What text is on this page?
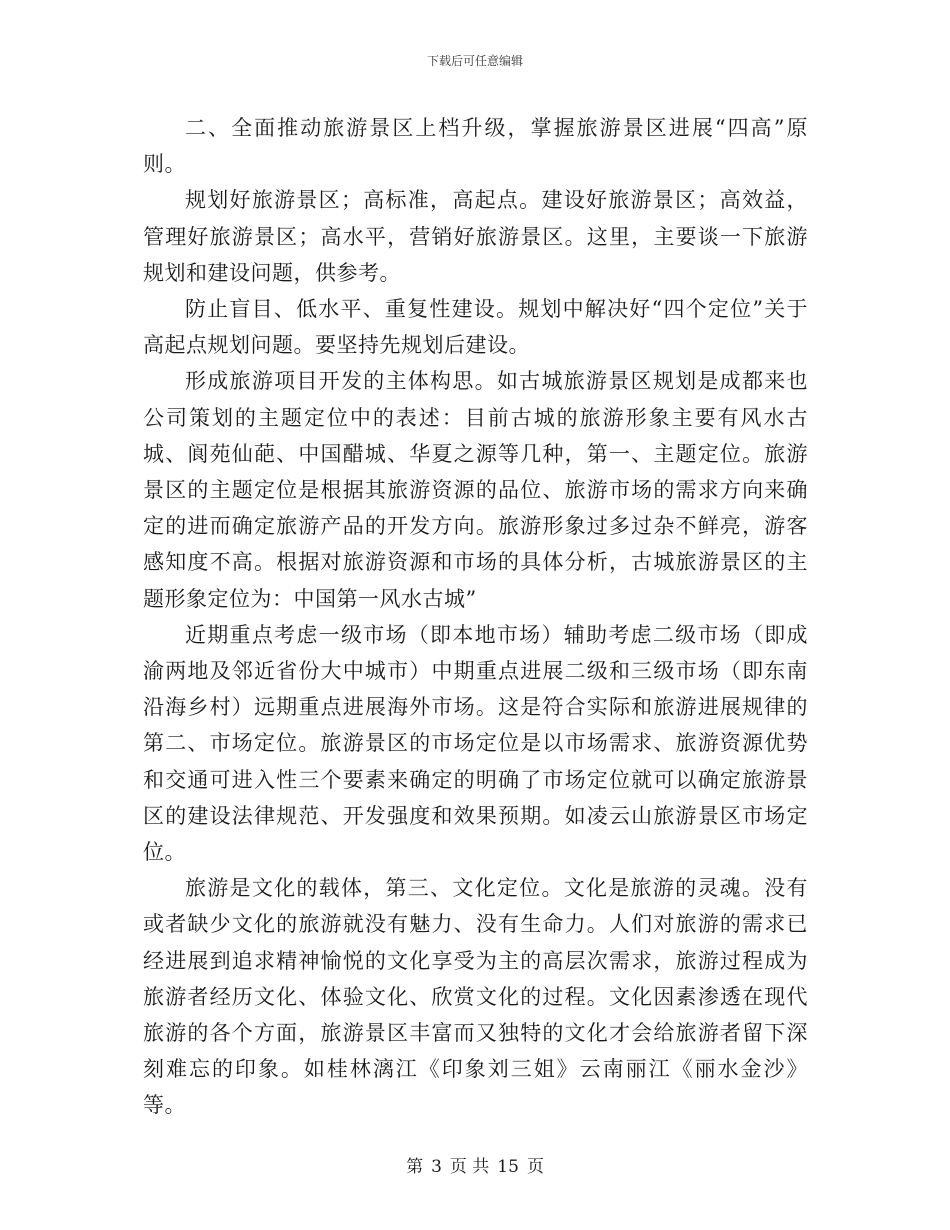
下载后可任意编辑

二、全面推动旅游景区上档升级，掌握旅游景区进展“四高”原则。

规划好旅游景区；高标准，高起点。建设好旅游景区；高效益，管理好旅游景区；高水平，营销好旅游景区。这里，主要谈一下旅游规划和建设问题，供参考。

防止盲目、低水平、重复性建设。规划中解决好“四个定位”关于高起点规划问题。要坚持先规划后建设。

形成旅游项目开发的主体构思。如古城旅游景区规划是成都来也公司策划的主题定位中的表述：目前古城的旅游形象主要有风水古城、阆苑仙葩、中国醋城、华夏之源等几种，第一、主题定位。旅游景区的主题定位是根据其旅游资源的品位、旅游市场的需求方向来确定的进而确定旅游产品的开发方向。旅游形象过多过杂不鲜亮，游客感知度不高。根据对旅游资源和市场的具体分析，古城旅游景区的主题形象定位为：中国第一风水古城”

近期重点考虑一级市场（即本地市场）辅助考虑二级市场（即成渝两地及邻近省份大中城市）中期重点进展二级和三级市场（即东南沿海乡村）远期重点进展海外市场。这是符合实际和旅游进展规律的第二、市场定位。旅游景区的市场定位是以市场需求、旅游资源优势和交通可进入性三个要素来确定的明确了市场定位就可以确定旅游景区的建设法律规范、开发强度和效果预期。如凌云山旅游景区市场定位。

旅游是文化的载体，第三、文化定位。文化是旅游的灵魂。没有或者缺少文化的旅游就没有魅力、没有生命力。人们对旅游的需求已经进展到追求精神愉悦的文化享受为主的高层次需求，旅游过程成为旅游者经历文化、体验文化、欣赏文化的过程。文化因素渗透在现代旅游的各个方面，旅游景区丰富而又独特的文化才会给旅游者留下深刻难忘的印象。如桂林漓江《印象刘三姐》云南丽江《丽水金沙》等。

第 3 页 共 15 页
